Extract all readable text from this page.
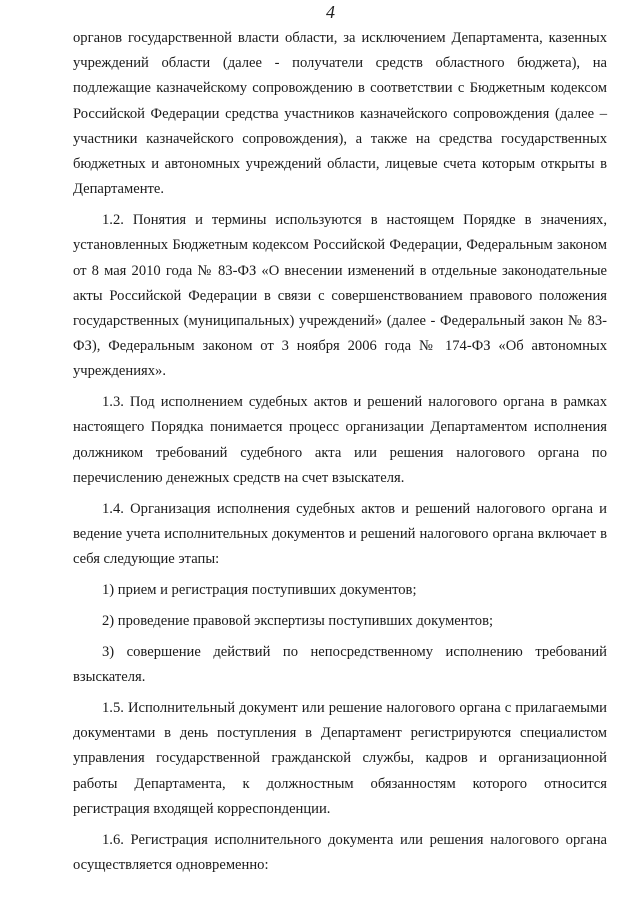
4

органов государственной власти области, за исключением Департамента, казенных учреждений области (далее - получатели средств областного бюджета), на подлежащие казначейскому сопровождению в соответствии с Бюджетным кодексом Российской Федерации средства участников казначейского сопровождения (далее – участники казначейского сопровождения), а также на средства государственных бюджетных и автономных учреждений области, лицевые счета которым открыты в Департаменте.

1.2. Понятия и термины используются в настоящем Порядке в значениях, установленных Бюджетным кодексом Российской Федерации, Федеральным законом от 8 мая 2010 года № 83-ФЗ «О внесении изменений в отдельные законодательные акты Российской Федерации в связи с совершенствованием правового положения государственных (муниципальных) учреждений» (далее - Федеральный закон № 83-ФЗ), Федеральным законом от 3 ноября 2006 года № 174-ФЗ «Об автономных учреждениях».

1.3. Под исполнением судебных актов и решений налогового органа в рамках настоящего Порядка понимается процесс организации Департаментом исполнения должником требований судебного акта или решения налогового органа по перечислению денежных средств на счет взыскателя.

1.4. Организация исполнения судебных актов и решений налогового органа и ведение учета исполнительных документов и решений налогового органа включает в себя следующие этапы:

1) прием и регистрация поступивших документов;

2) проведение правовой экспертизы поступивших документов;

3) совершение действий по непосредственному исполнению требований взыскателя.

1.5. Исполнительный документ или решение налогового органа с прилагаемыми документами в день поступления в Департамент регистрируются специалистом управления государственной гражданской службы, кадров и организационной работы Департамента, к должностным обязанностям которого относится регистрация входящей корреспонденции.

1.6. Регистрация исполнительного документа или решения налогового органа осуществляется одновременно:
